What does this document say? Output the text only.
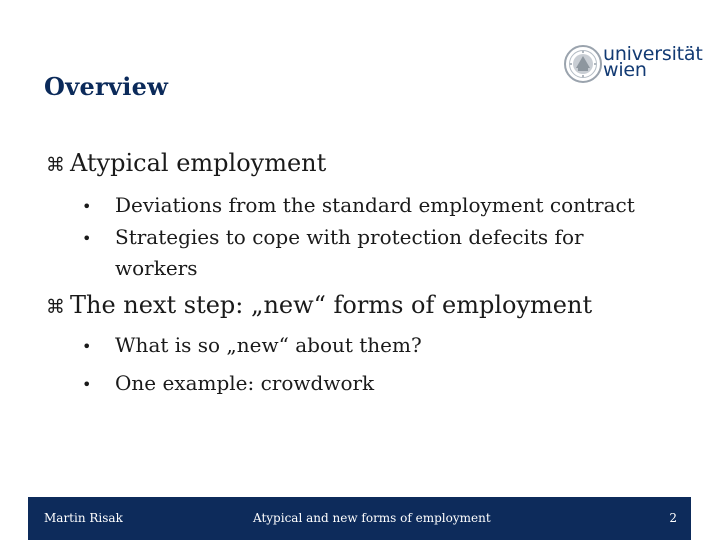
Overview
universität
wien
⌘ Atypical employment
•	Deviations from the standard employment contract
•	Strategies to cope with protection defecits for workers
⌘ The next step: „new“ forms of employment
•	What is so „new“ about them?
•	One example: crowdwork
Martin Risak	Atypical and new forms of employment	2
